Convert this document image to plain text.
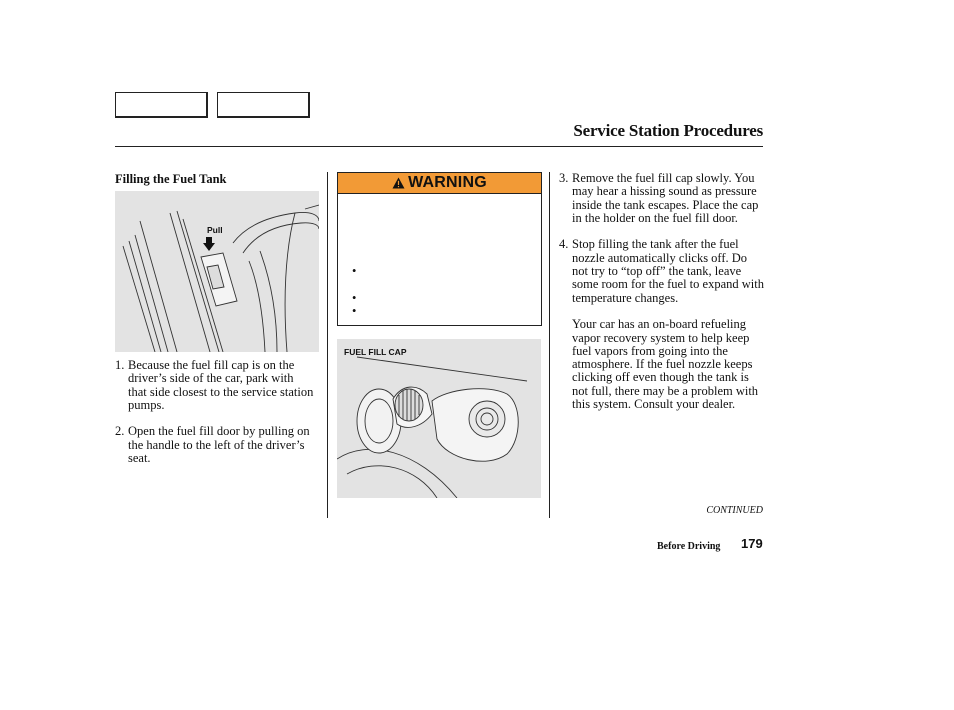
Service Station Procedures
Filling the Fuel Tank
Pull
1. Because the fuel fill cap is on the driver’s side of the car, park with that side closest to the service station pumps.
2. Open the fuel fill door by pulling on the handle to the left of the driver’s seat.
WARNING
•
•
•
FUEL FILL CAP
3. Remove the fuel fill cap slowly. You may hear a hissing sound as pressure inside the tank escapes. Place the cap in the holder on the fuel fill door.
4. Stop filling the tank after the fuel nozzle automatically clicks off. Do not try to “top off” the tank, leave some room for the fuel to expand with temperature changes.
Your car has an on-board refueling vapor recovery system to help keep fuel vapors from going into the atmosphere. If the fuel nozzle keeps clicking off even though the tank is not full, there may be a problem with this system. Consult your dealer.
CONTINUED
Before Driving 179
